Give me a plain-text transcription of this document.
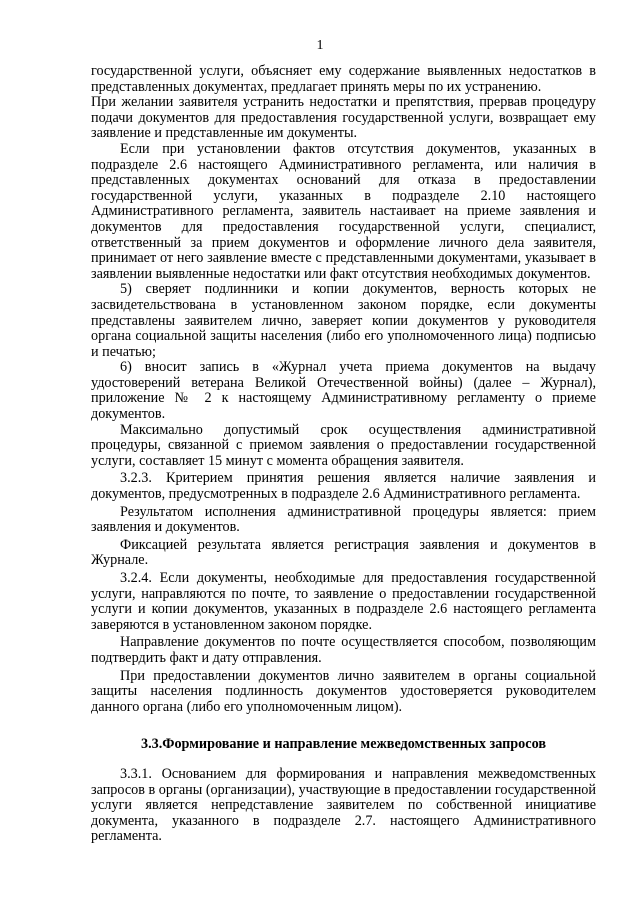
1

государственной услуги, объясняет ему содержание выявленных недостатков в представленных документах, предлагает принять меры по их устранению.

При желании заявителя устранить недостатки и препятствия, прервав процедуру подачи документов для предоставления государственной услуги, возвращает ему заявление и представленные им документы.

Если при установлении фактов отсутствия документов, указанных в подразделе 2.6 настоящего Административного регламента, или наличия в представленных документах оснований для отказа в предоставлении государственной услуги, указанных в подразделе 2.10 настоящего Административного регламента, заявитель настаивает на приеме заявления и документов для предоставления государственной услуги, специалист, ответственный за прием документов и оформление личного дела заявителя, принимает от него заявление вместе с представленными документами, указывает в заявлении выявленные недостатки или факт отсутствия необходимых документов.

5) сверяет подлинники и копии документов, верность которых не засвидетельствована в установленном законом порядке, если документы представлены заявителем лично, заверяет копии документов у руководителя органа социальной защиты населения (либо его уполномоченного лица) подписью и печатью;

6) вносит запись в «Журнал учета приема документов на выдачу удостоверений ветерана Великой Отечественной войны) (далее – Журнал), приложение № 2 к настоящему Административному регламенту о приеме документов.

Максимально допустимый срок осуществления административной процедуры, связанной с приемом заявления о предоставлении государственной услуги, составляет 15 минут с момента обращения заявителя.

3.2.3. Критерием принятия решения является наличие заявления и документов, предусмотренных в подразделе 2.6 Административного регламента.

Результатом исполнения административной процедуры является: прием заявления и документов.

Фиксацией результата является регистрация заявления и документов в Журнале.

3.2.4. Если документы, необходимые для предоставления государственной услуги, направляются по почте, то заявление о предоставлении государственной услуги и копии документов, указанных в подразделе 2.6 настоящего регламента заверяются в установленном законом порядке.

Направление документов по почте осуществляется способом, позволяющим подтвердить факт и дату отправления.

При предоставлении документов лично заявителем в органы социальной защиты населения подлинность документов удостоверяется руководителем данного органа (либо его уполномоченным лицом).

3.3.Формирование и направление межведомственных запросов

3.3.1. Основанием для формирования и направления межведомственных запросов в органы (организации), участвующие в предоставлении государственной услуги является непредставление заявителем по собственной инициативе документа, указанного в подразделе 2.7. настоящего Административного регламента.
